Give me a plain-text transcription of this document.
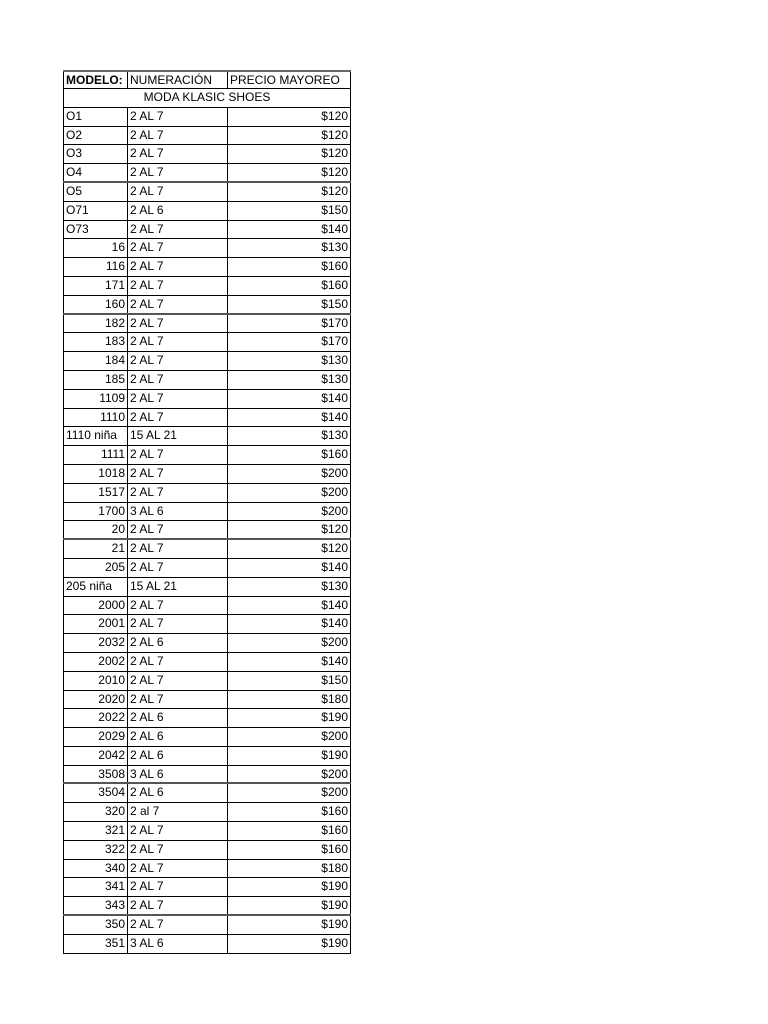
MODELO: NUMERACIÓN	PRECIO MAYOREO
MODA KLASIC SHOES
O1	2 AL 7	$120
O2	2 AL 7	$120
O3	2 AL 7	$120
O4	2 AL 7	$120
O5	2 AL 7	$120
O71	2 AL 6	$150
O73	2 AL 7	$140
16 2 AL 7	$130
116 2 AL 7	$160
171 2 AL 7	$160
160 2 AL 7	$150
182 2 AL 7	$170
183 2 AL 7	$170
184 2 AL 7	$130
185 2 AL 7	$130
1109 2 AL 7	$140
1110 2 AL 7	$140
1110 niña	15 AL 21	$130
1111 2 AL 7	$160
1018 2 AL 7	$200
1517 2 AL 7	$200
1700 3 AL 6	$200
20 2 AL 7	$120
21 2 AL 7	$120
205 2 AL 7	$140
205 niña	15 AL 21	$130
2000 2 AL 7	$140
2001 2 AL 7	$140
2032 2 AL 6	$200
2002 2 AL 7	$140
2010 2 AL 7	$150
2020 2 AL 7	$180
2022 2 AL 6	$190
2029 2 AL 6	$200
2042 2 AL 6	$190
3508 3 AL 6	$200
3504 2 AL 6	$200
320 2 al 7	$160
321 2 AL 7	$160
322 2 AL 7	$160
340 2 AL 7	$180
341 2 AL 7	$190
343 2 AL 7	$190
350 2 AL 7	$190
351 3 AL 6	$190
